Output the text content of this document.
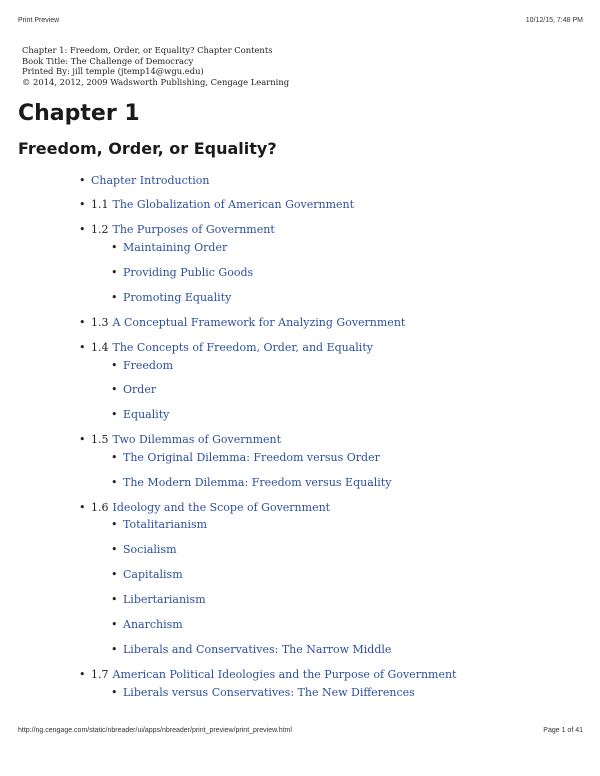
Print Preview	10/12/15, 7:48 PM
Chapter 1: Freedom, Order, or Equality? Chapter Contents
Book Title: The Challenge of Democracy
Printed By: jill temple (jtemp14@wgu.edu)
© 2014, 2012, 2009 Wadsworth Publishing, Cengage Learning
Chapter 1
Freedom, Order, or Equality?
• Chapter Introduction
• 1.1 The Globalization of American Government
• 1.2 The Purposes of Government
• Maintaining Order
• Providing Public Goods
• Promoting Equality
• 1.3 A Conceptual Framework for Analyzing Government
• 1.4 The Concepts of Freedom, Order, and Equality
• Freedom
• Order
• Equality
• 1.5 Two Dilemmas of Government
• The Original Dilemma: Freedom versus Order
• The Modern Dilemma: Freedom versus Equality
• 1.6 Ideology and the Scope of Government
• Totalitarianism
• Socialism
• Capitalism
• Libertarianism
• Anarchism
• Liberals and Conservatives: The Narrow Middle
• 1.7 American Political Ideologies and the Purpose of Government
• Liberals versus Conservatives: The New Differences
http://ng.cengage.com/static/nbreader/ui/apps/nbreader/print_preview/print_preview.html	Page 1 of 41
